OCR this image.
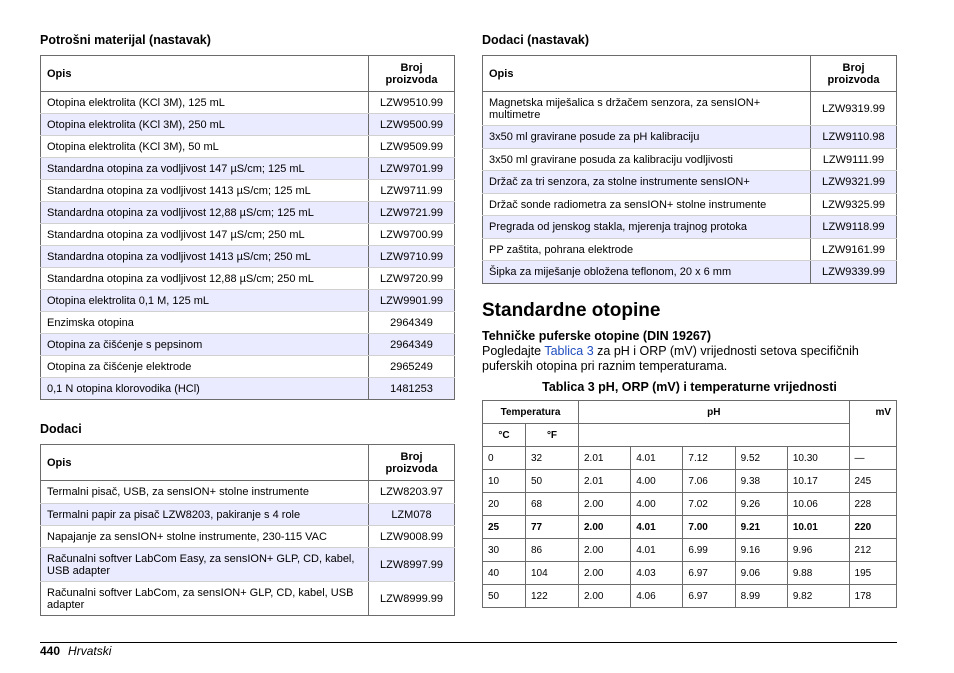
Potrošni materijal (nastavak)
Opis	Broj proizvoda
Otopina elektrolita (KCl 3M), 125 mL	LZW9510.99
Otopina elektrolita (KCl 3M), 250 mL	LZW9500.99
Otopina elektrolita (KCl 3M), 50 mL	LZW9509.99
Standardna otopina za vodljivost 147 µS/cm; 125 mL	LZW9701.99
Standardna otopina za vodljivost 1413 µS/cm; 125 mL	LZW9711.99
Standardna otopina za vodljivost 12,88 µS/cm; 125 mL	LZW9721.99
Standardna otopina za vodljivost 147 µS/cm; 250 mL	LZW9700.99
Standardna otopina za vodljivost 1413 µS/cm; 250 mL	LZW9710.99
Standardna otopina za vodljivost 12,88 µS/cm; 250 mL	LZW9720.99
Otopina elektrolita 0,1 M, 125 mL	LZW9901.99
Enzimska otopina	2964349
Otopina za čišćenje s pepsinom	2964349
Otopina za čišćenje elektrode	2965249
0,1 N otopina klorovodika (HCl)	1481253
Dodaci
Opis	Broj proizvoda
Termalni pisač, USB, za sensION+ stolne instrumente	LZW8203.97
Termalni papir za pisač LZW8203, pakiranje s 4 role	LZM078
Napajanje za sensION+ stolne instrumente, 230-115 VAC	LZW9008.99
Računalni softver LabCom Easy, za sensION+ GLP, CD, kabel, USB adapter	LZW8997.99
Računalni softver LabCom, za sensION+ GLP, CD, kabel, USB adapter	LZW8999.99
Dodaci (nastavak)
Opis	Broj proizvoda
Magnetska miješalica s držačem senzora, za sensION+ multimetre	LZW9319.99
3x50 ml gravirane posude za pH kalibraciju	LZW9110.98
3x50 ml gravirane posuda za kalibraciju vodljivosti	LZW9111.99
Držač za tri senzora, za stolne instrumente sensION+	LZW9321.99
Držač sonde radiometra za sensION+ stolne instrumente	LZW9325.99
Pregrada od jenskog stakla, mjerenja trajnog protoka	LZW9118.99
PP zaštita, pohrana elektrode	LZW9161.99
Šipka za miješanje obložena teflonom, 20 x 6 mm	LZW9339.99
Standardne otopine
Tehničke puferske otopine (DIN 19267)

Pogledajte Tablica 3 za pH i ORP (mV) vrijednosti setova specifičnih puferskih otopina pri raznim temperaturama.

Tablica 3 pH, ORP (mV) i temperaturne vrijednosti

Temperatura		pH					mV
°C	°F						
0	32	2.01	4.01	7.12	9.52	10.30	—
10	50	2.01	4.00	7.06	9.38	10.17	245
20	68	2.00	4.00	7.02	9.26	10.06	228
25	77	2.00	4.01	7.00	9.21	10.01	220
30	86	2.00	4.01	6.99	9.16	9.96	212
40	104	2.00	4.03	6.97	9.06	9.88	195
50	122	2.00	4.06	6.97	8.99	9.82	178
440 Hrvatski
